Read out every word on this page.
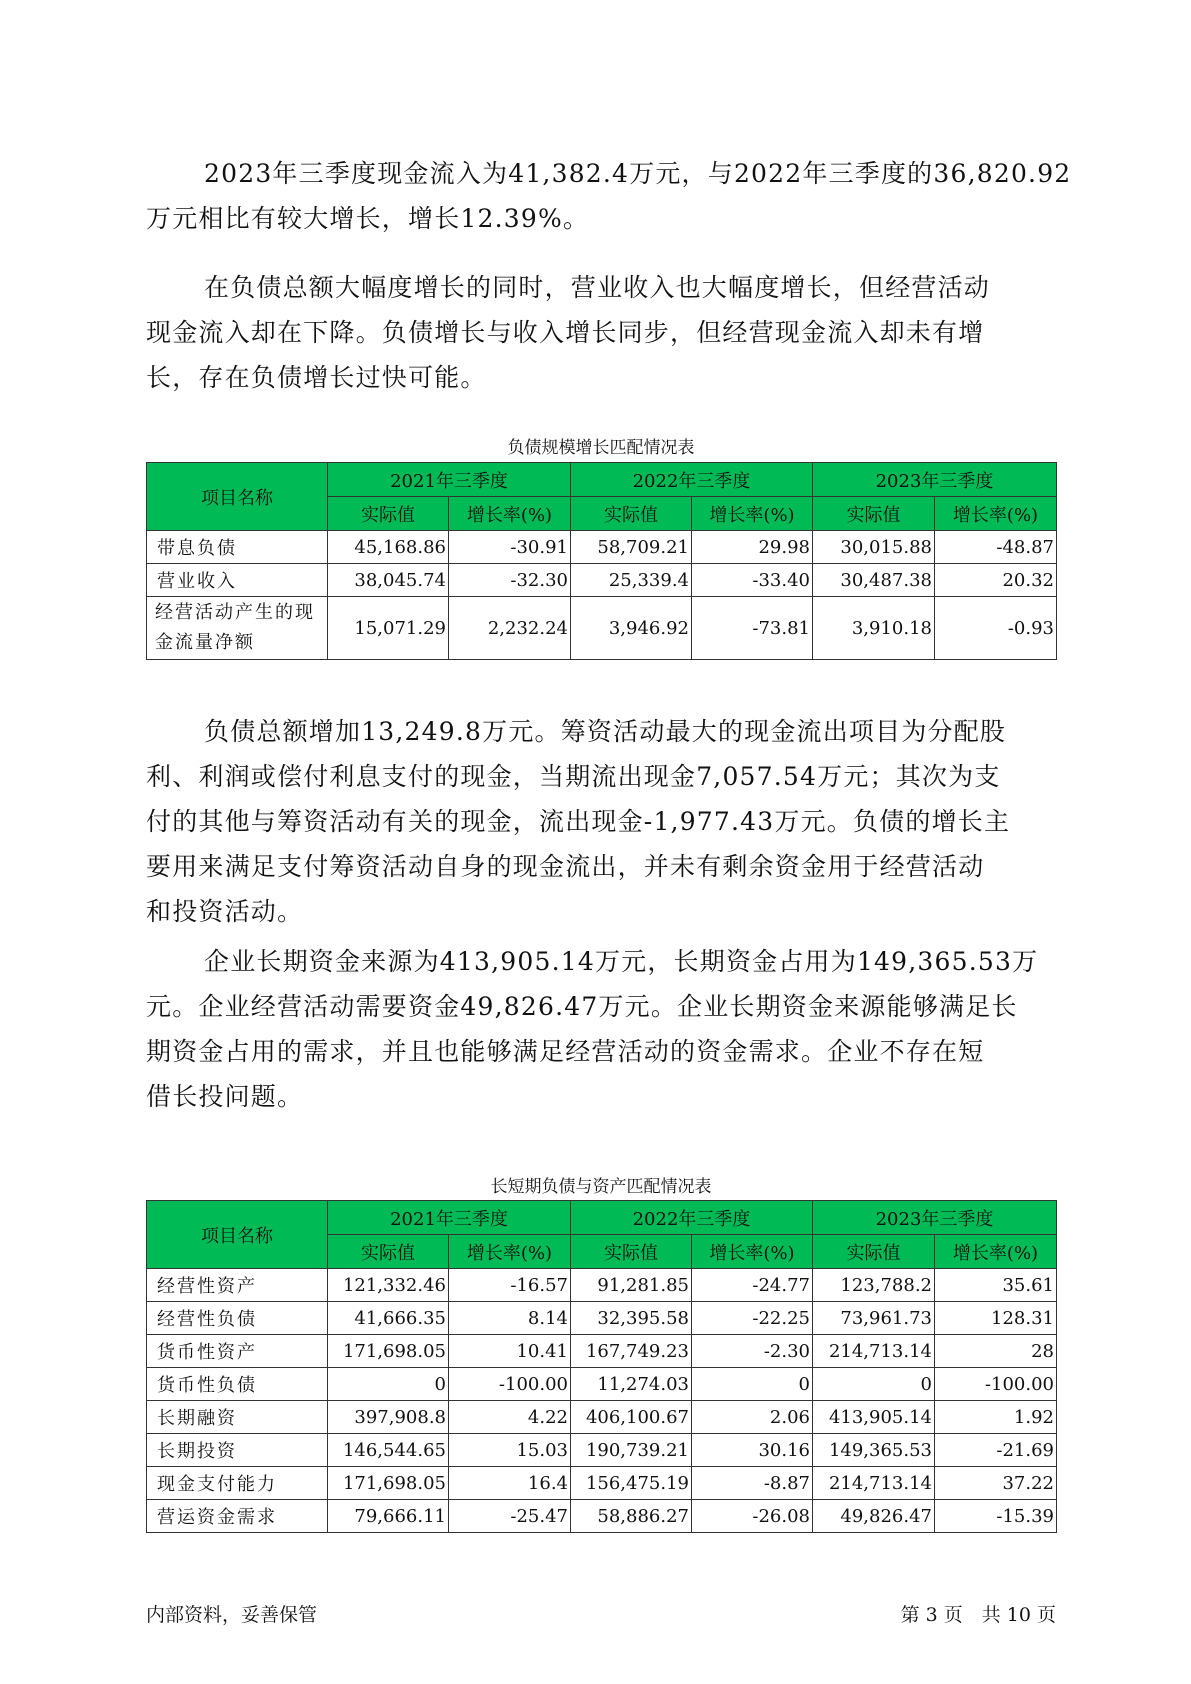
2023年三季度现金流入为41,382.4万元，与2022年三季度的36,820.92
万元相比有较大增长，增长12.39%。
在负债总额大幅度增长的同时，营业收入也大幅度增长，但经营活动
现金流入却在下降。负债增长与收入增长同步，但经营现金流入却未有增
长，存在负债增长过快可能。
负债规模增长匹配情况表
项目名称	2021年三季度		2022年三季度		2023年三季度	
	实际值	增长率(%)	实际值	增长率(%)	实际值	增长率(%)
带息负债	45,168.86	-30.91	58,709.21	29.98	30,015.88	-48.87
营业收入	38,045.74	-32.30	25,339.4	-33.40	30,487.38	20.32
经营活动产生的现金流量净额	15,071.29	2,232.24	3,946.92	-73.81	3,910.18	-0.93
负债总额增加13,249.8万元。筹资活动最大的现金流出项目为分配股
利、利润或偿付利息支付的现金，当期流出现金7,057.54万元；其次为支
付的其他与筹资活动有关的现金，流出现金-1,977.43万元。负债的增长主
要用来满足支付筹资活动自身的现金流出，并未有剩余资金用于经营活动
和投资活动。
企业长期资金来源为413,905.14万元，长期资金占用为149,365.53万
元。企业经营活动需要资金49,826.47万元。企业长期资金来源能够满足长
期资金占用的需求，并且也能够满足经营活动的资金需求。企业不存在短
借长投问题。
长短期负债与资产匹配情况表
项目名称	2021年三季度		2022年三季度		2023年三季度	
	实际值	增长率(%)	实际值	增长率(%)	实际值	增长率(%)
经营性资产	121,332.46	-16.57	91,281.85	-24.77	123,788.2	35.61
经营性负债	41,666.35	8.14	32,395.58	-22.25	73,961.73	128.31
货币性资产	171,698.05	10.41	167,749.23	-2.30	214,713.14	28
货币性负债	0	-100.00	11,274.03	0	0	-100.00
长期融资	397,908.8	4.22	406,100.67	2.06	413,905.14	1.92
长期投资	146,544.65	15.03	190,739.21	30.16	149,365.53	-21.69
现金支付能力	171,698.05	16.4	156,475.19	-8.87	214,713.14	37.22
营运资金需求	79,666.11	-25.47	58,886.27	-26.08	49,826.47	-15.39
内部资料，妥善保管	第 3 页　共 10 页
